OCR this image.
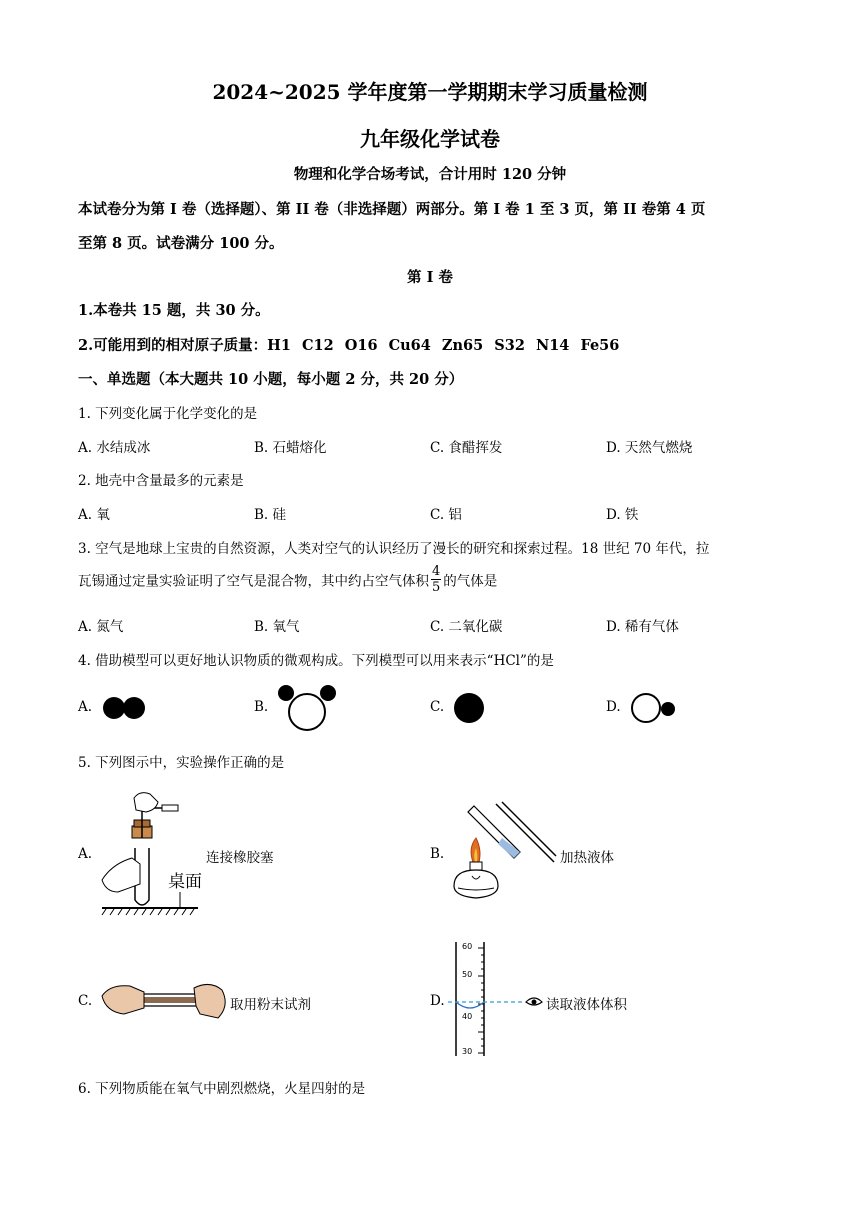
2024~2025 学年度第一学期期末学习质量检测
九年级化学试卷
物理和化学合场考试，合计用时 120 分钟
本试卷分为第 I 卷（选择题）、第 II 卷（非选择题）两部分。第 I 卷 1 至 3 页，第 II 卷第 4 页
至第 8 页。试卷满分 100 分。
第 I 卷
1.本卷共 15 题，共 30 分。
2.可能用到的相对原子质量：H1 C12 O16 Cu64 Zn65 S32 N14 Fe56
一、单选题（本大题共 10 小题，每小题 2 分，共 20 分）
1. 下列变化属于化学变化的是
A. 水结成冰	B. 石蜡熔化	C. 食醋挥发	D. 天然气燃烧
2. 地壳中含量最多的元素是
A. 氧	B. 硅	C. 铝	D. 铁
3. 空气是地球上宝贵的自然资源，人类对空气的认识经历了漫长的研究和探索过程。18 世纪 70 年代，拉
瓦锡通过定量实验证明了空气是混合物，其中约占空气体积 $\frac{4}{5}$ 的气体是
A. 氮气	B. 氧气	C. 二氧化碳	D. 稀有气体
4. 借助模型可以更好地认识物质的微观构成。下列模型可以用来表示“HCl”的是
A.	B.	C.	D.
5. 下列图示中，实验操作正确的是
A.
桌面
连接橡胶塞	B.	加热液体
C.	取用粉末试剂	D.
60
50
40
30
读取液体体积
6. 下列物质能在氧气中剧烈燃烧，火星四射的是
